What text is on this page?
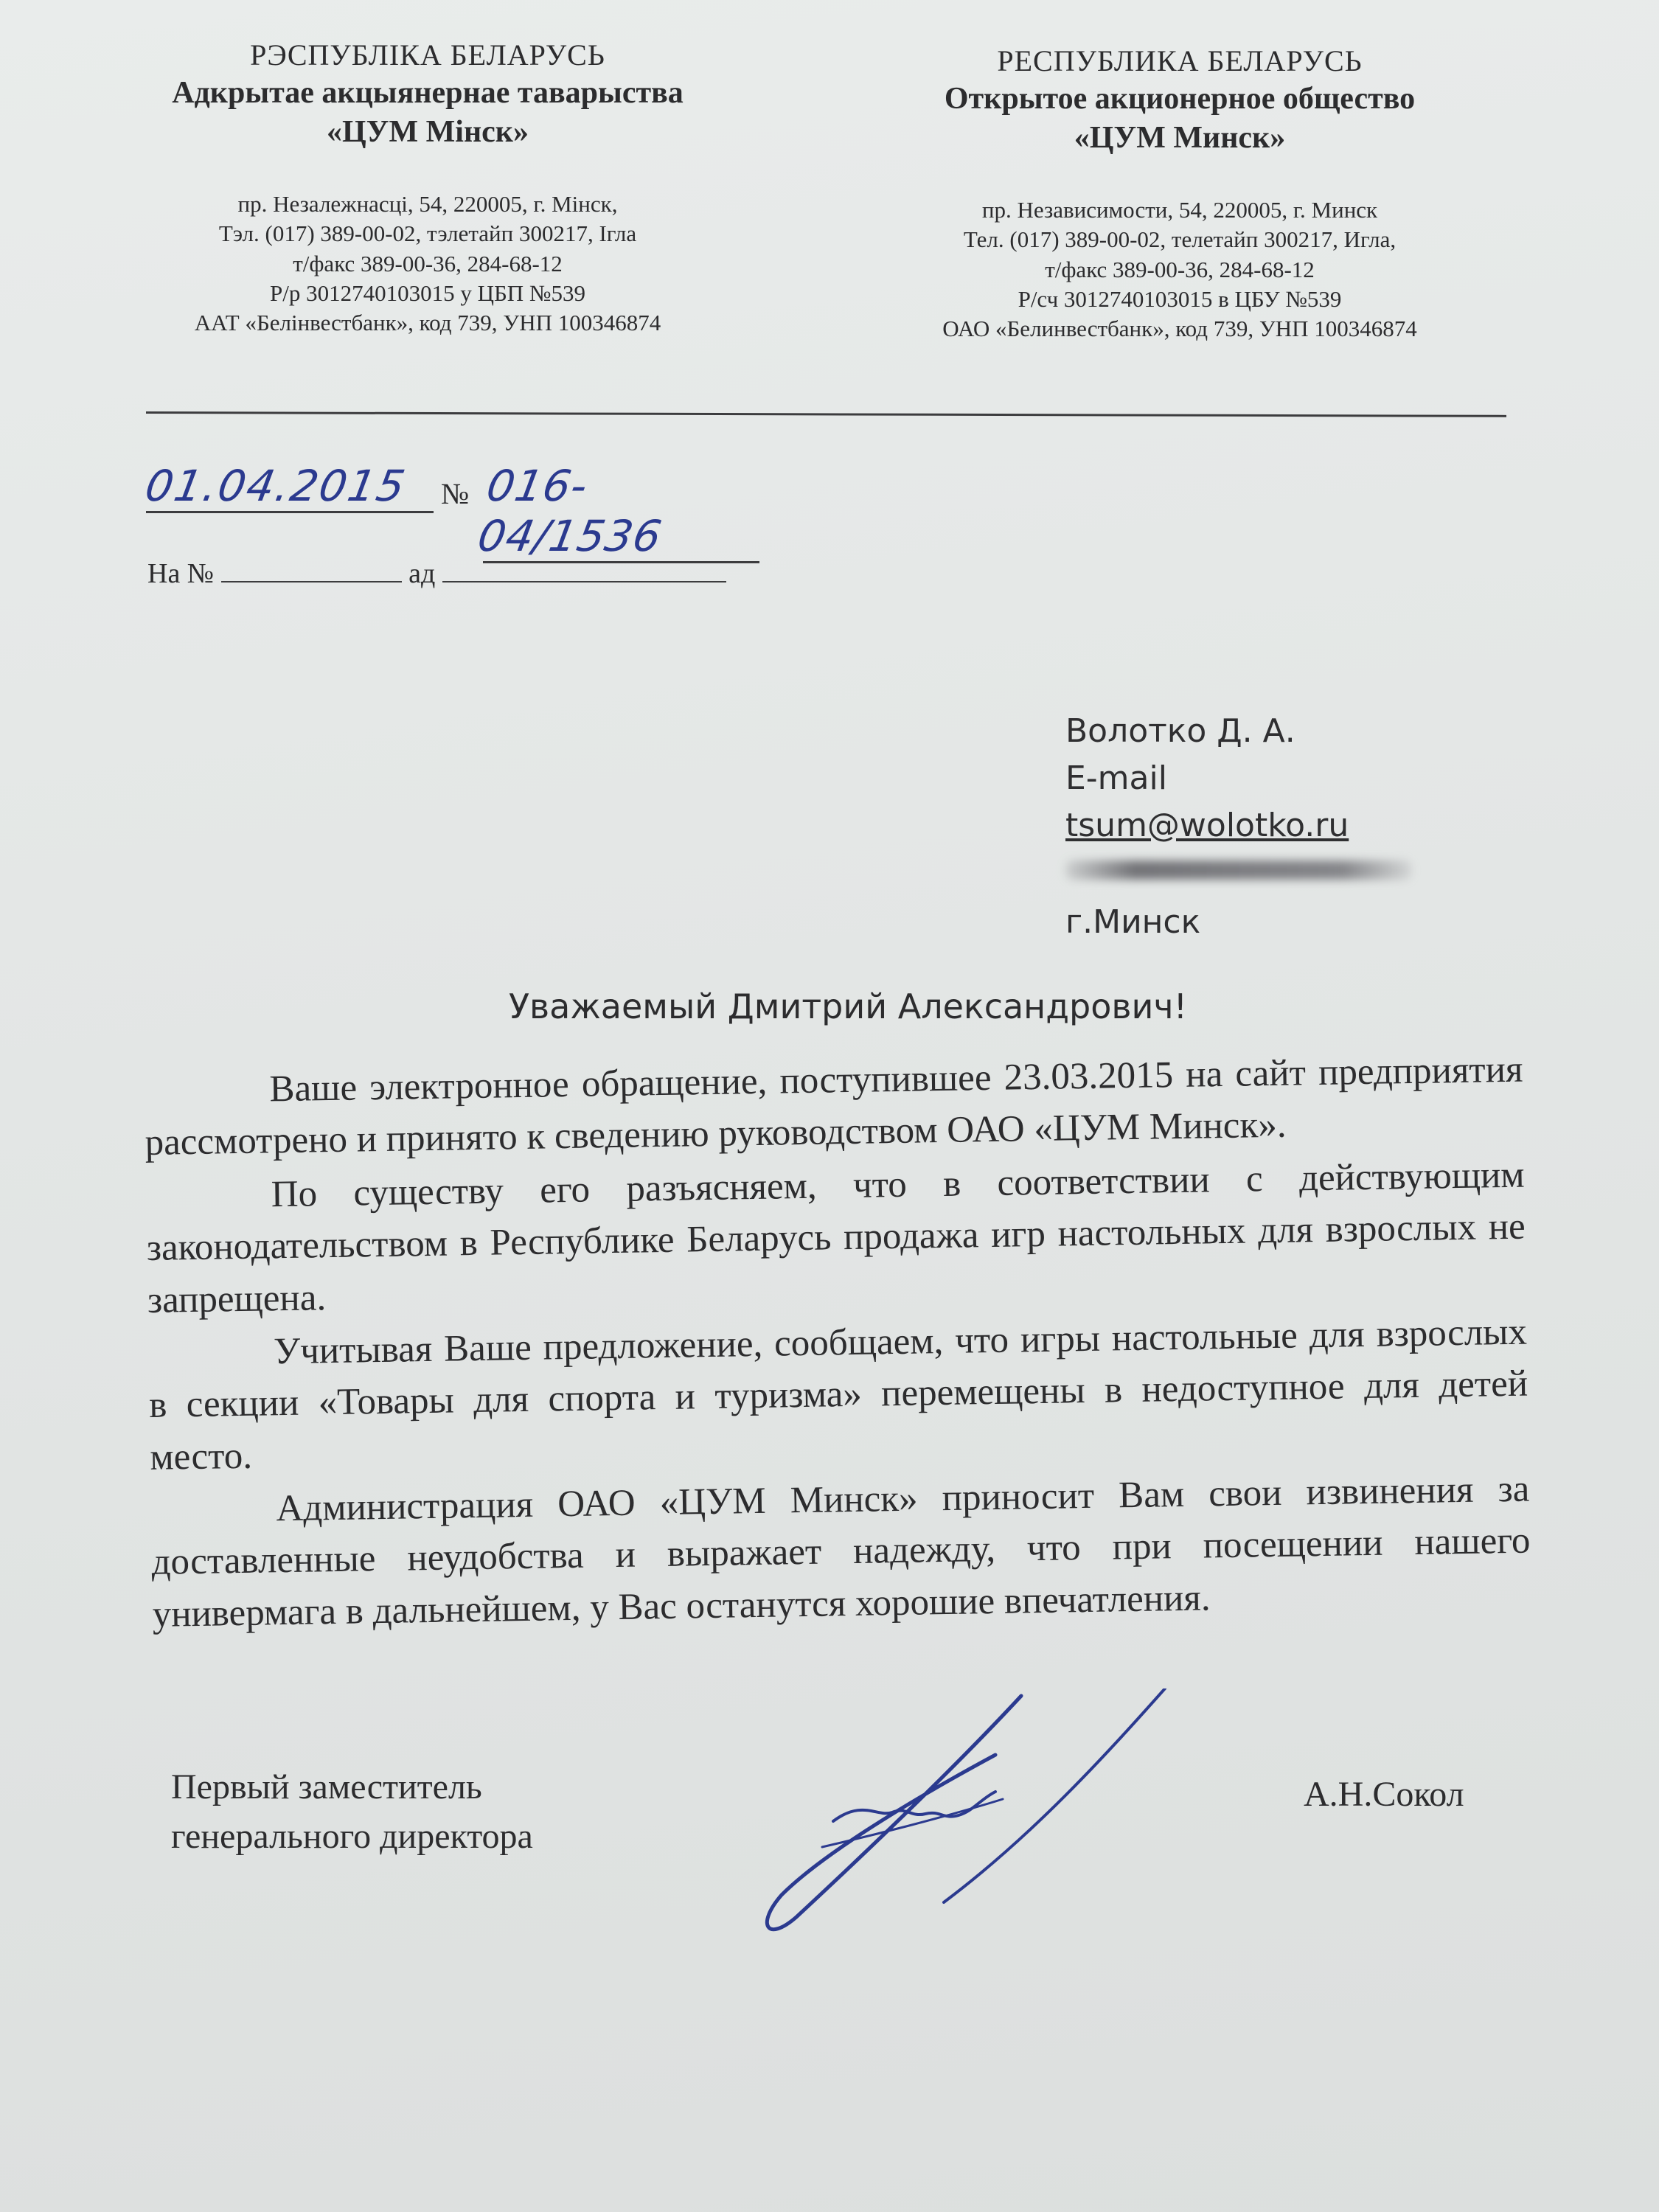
РЭСПУБЛІКА БЕЛАРУСЬ
Адкрытае акцыянернае таварыства
«ЦУМ Мінск»
пр. Незалежнасці, 54, 220005, г. Мінск,
Тэл. (017) 389-00-02, тэлетайп 300217, Ігла
т/факс 389-00-36, 284-68-12
Р/р 3012740103015 у ЦБП №539
ААТ «Белінвестбанк», код 739, УНП 100346874
РЕСПУБЛИКА БЕЛАРУСЬ
Открытое акционерное общество
«ЦУМ Минск»
пр. Независимости, 54, 220005, г. Минск
Тел. (017) 389-00-02, телетайп 300217, Игла,
т/факс 389-00-36, 284-68-12
Р/сч 3012740103015 в ЦБУ №539
ОАО «Белинвестбанк», код 739, УНП 100346874
01.04.2015	№ 016-04/1536
На №	ад
Волотко Д. А.
E-mail
tsum@wolotko.ru
г.Минск
Уважаемый Дмитрий Александрович!

Ваше электронное обращение, поступившее 23.03.2015 на сайт предприятия рассмотрено и принято к сведению руководством ОАО «ЦУМ Минск».

По существу его разъясняем, что в соответствии с действующим законодательством в Республике Беларусь продажа игр настольных для взрослых не запрещена.

Учитывая Ваше предложение, сообщаем, что игры настольные для взрослых в секции «Товары для спорта и туризма» перемещены в недоступное для детей место.

Администрация ОАО «ЦУМ Минск» приносит Вам свои извинения за доставленные неудобства и выражает надежду, что при посещении нашего универмага в дальнейшем, у Вас останутся хорошие впечатления.

Первый заместитель
генерального директора
А.Н.Сокол
